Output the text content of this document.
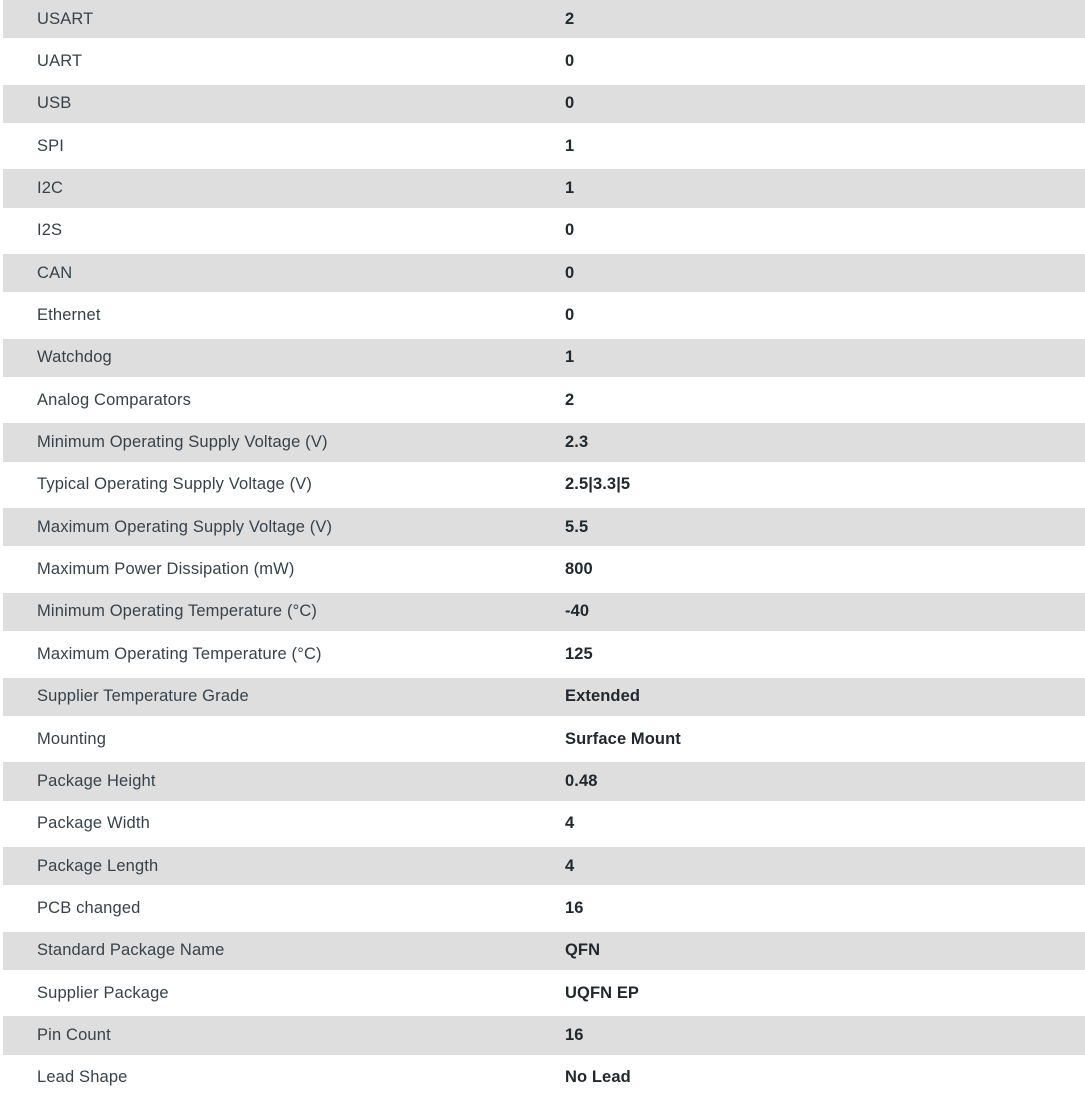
USART	2
UART	0
USB	0
SPI	1
I2C	1
I2S	0
CAN	0
Ethernet	0
Watchdog	1
Analog Comparators	2
Minimum Operating Supply Voltage (V)	2.3
Typical Operating Supply Voltage (V)	2.5|3.3|5
Maximum Operating Supply Voltage (V)	5.5
Maximum Power Dissipation (mW)	800
Minimum Operating Temperature (°C)	-40
Maximum Operating Temperature (°C)	125
Supplier Temperature Grade	Extended
Mounting	Surface Mount
Package Height	0.48
Package Width	4
Package Length	4
PCB changed	16
Standard Package Name	QFN
Supplier Package	UQFN EP
Pin Count	16
Lead Shape	No Lead
